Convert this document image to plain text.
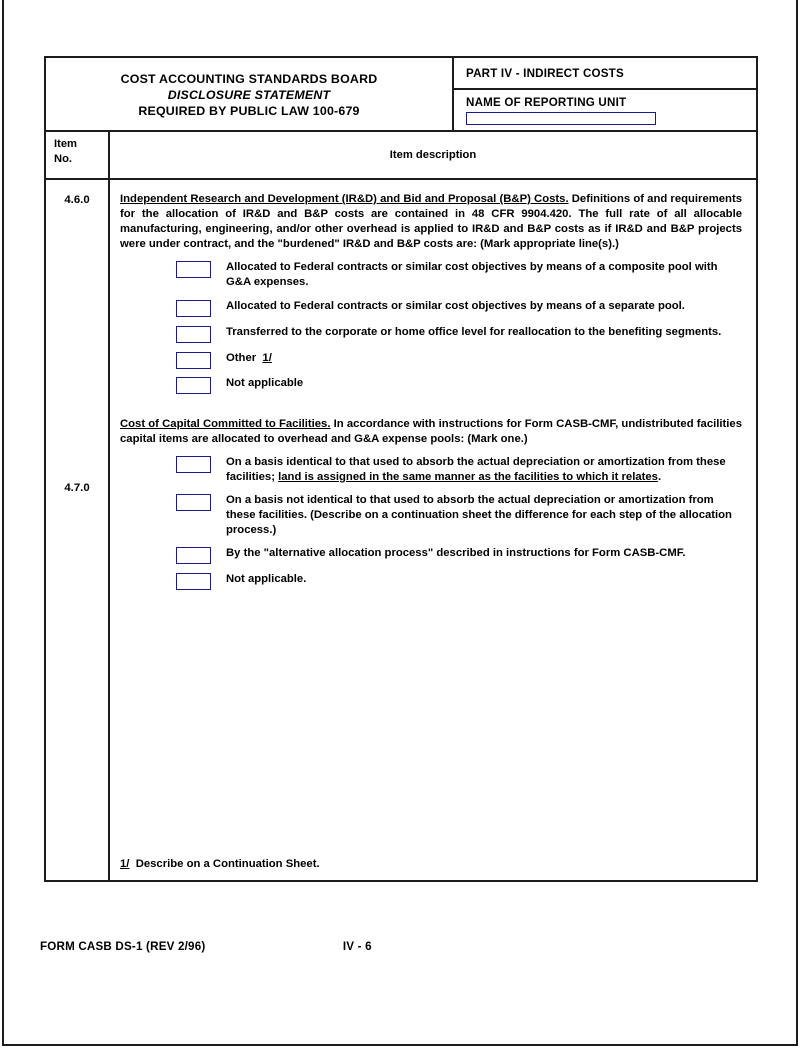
COST ACCOUNTING STANDARDS BOARD
DISCLOSURE STATEMENT
REQUIRED BY PUBLIC LAW 100-679
PART IV - INDIRECT COSTS
NAME OF REPORTING UNIT
Item
No.	Item description
4.6.0
4.7.0
Independent Research and Development (IR&D) and Bid and Proposal (B&P) Costs. Definitions of and requirements for the allocation of IR&D and B&P costs are contained in 48 CFR 9904.420. The full rate of all allocable manufacturing, engineering, and/or other overhead is applied to IR&D and B&P costs as if IR&D and B&P projects were under contract, and the "burdened" IR&D and B&P costs are: (Mark appropriate line(s).)
Allocated to Federal contracts or similar cost objectives by means of a composite pool with G&A expenses.
Allocated to Federal contracts or similar cost objectives by means of a separate pool.
Transferred to the corporate or home office level for reallocation to the benefiting segments.
Other 1/
Not applicable
Cost of Capital Committed to Facilities. In accordance with instructions for Form CASB-CMF, undistributed facilities capital items are allocated to overhead and G&A expense pools: (Mark one.)
On a basis identical to that used to absorb the actual depreciation or amortization from these facilities; land is assigned in the same manner as the facilities to which it relates.
On a basis not identical to that used to absorb the actual depreciation or amortization from these facilities. (Describe on a continuation sheet the difference for each step of the allocation process.)
By the "alternative allocation process" described in instructions for Form CASB-CMF.
Not applicable.
1/ Describe on a Continuation Sheet.
FORM CASB DS-1 (REV 2/96)	IV - 6
